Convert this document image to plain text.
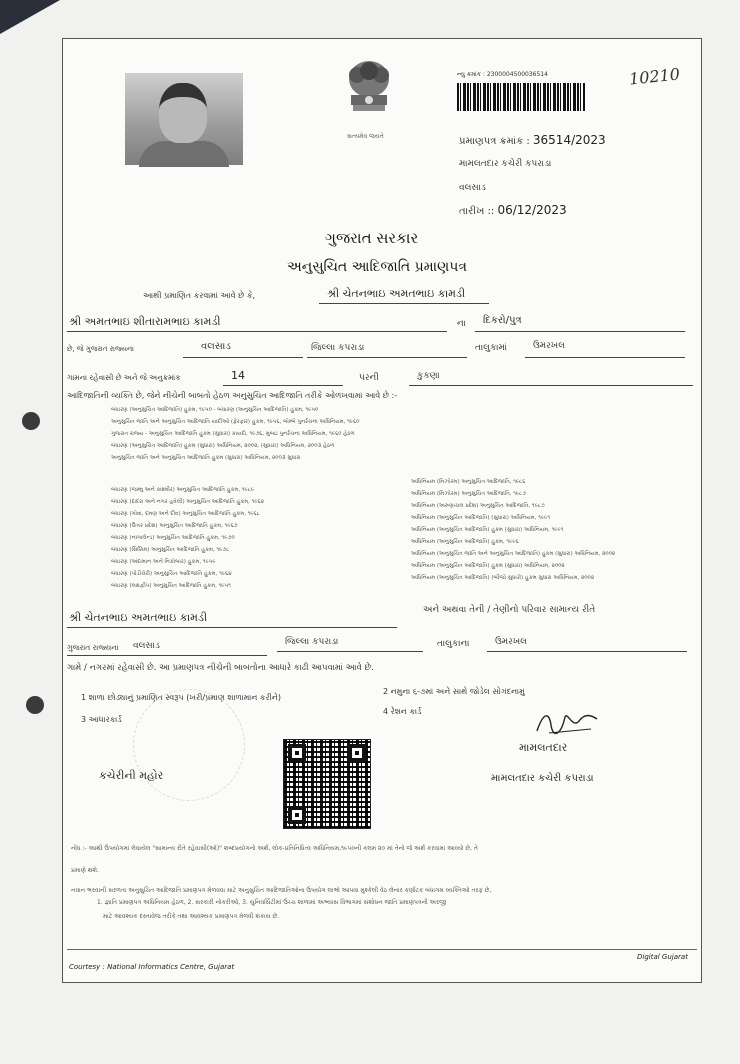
સત્યમેવ જયતે
ન્યુ ક્રમાંક : 2300004500036514	10210
પ્રમાણપત્ર ક્રમાંક : 36514/2023
મામલતદાર કચેરી કપરાડા
વલસાડ
તારીખ :: 06/12/2023
ગુજરાત સરકાર
અનુસુચિત આદિજાતિ પ્રમાણપત્ર
આથી પ્રમાણિત કરવામાં આવે છે કે,	શ્રી ચેતનભાઇ અમતભાઇ કામડી
શ્રી અમતભાઇ શીતારામભાઇ કામડી	ના દિકરો/પુત્ર
છે, જે ગુજરાત રાજ્યના	વલસાડ	જિલ્લા કપરાડા	તાલુકામાં	ઉમરખલ
ગામના રહેવાસી છે અને જે અનુક્રમાંક	14	પરની	કુકણા
આદિજાતિની વ્યક્તિ છે, જેને નીચેની બાબતો હેઠળ અનુસુચિત આદિજાતિ તરીકે ઓળખવામાં આવે છે :-
બંધારણ (અનુસુચિત આદિજાતિ) હુકમ, ૧૯૫૦ - બંધારણ (અનુસુચિત આદિજાતિ) હુકમ, ૧૯૫૦
અનુસુચિત જાતિ અને અનુસુચિત આદિજાતિ યાદીઓ (ફેરફાર) હુકમ, ૧૯૫૬, બોમ્બે પુનર્રચના અધિનિયમ, ૧૯૬૦
ગુજરાત રાજ્ય - અનુસુચિત આદિજાતિ હુકમ (સુધારા) કાયદો, ૧૯૭૬, મુંબઇ પુનર્રચના અધિનિયમ, ૧૯૬૦ હેઠળ
બંધારણ (અનુસુચિત આદિજાતિ) હુકમ (સુધારા) અધિનિયમ, ૨૦૦૨, (સુધારા) અધિનિયમ, ૨૦૦૩ હેઠળ
અનુસુચિત જાતિ અને અનુસુચિત આદિજાતિ હુકમ (સુધારા) અધિનિયમ, ૨૦૦૩ સુધારા
બંધારણ (જમ્મુ અને કાશ્મીર) અનુસુચિત આદિજાતિ હુકમ, ૧૯૮૯
બંધારણ (દાદરા અને નગર હવેલી) અનુસુચિત આદિજાતિ હુકમ, ૧૯૬૨
બંધારણ (ગોવા, દમણ અને દીવ) અનુસુચિત આદિજાતિ હુકમ, ૧૯૬૮
બંધારણ (ઉત્તર પ્રદેશ) અનુસુચિત આદિજાતિ હુકમ, ૧૯૬૭
બંધારણ (નાગાલેન્ડ) અનુસુચિત આદિજાતિ હુકમ, ૧૯૭૦
બંધારણ (સિક્કિમ) અનુસુચિત આદિજાતિ હુકમ, ૧૯૭૮
બંધારણ (અંદામાન અને નિકોબાર) હુકમ, ૧૯૫૯
બંધારણ (પોંડીચેરી) અનુસુચિત આદિજાતિ હુકમ, ૧૯૬૪
બંધારણ (લક્ષદ્વીપ) અનુસુચિત આદિજાતિ હુકમ, ૧૯૫૧
અધિનિયમ (મિઝોરમ) અનુસુચિત આદિજાતિ, ૧૯૮૬
અધિનિયમ (મિઝોરમ) અનુસુચિત આદિજાતિ, ૧૯૮૭
અધિનિયમ (અરુણાચલ પ્રદેશ) અનુસુચિત આદિજાતિ, ૧૯૮૭
અધિનિયમ (અનુસુચિત આદિજાતિ) (સુધારા) અધિનિયમ, ૧૯૯૧
અધિનિયમ (અનુસુચિત આદિજાતિ) હુકમ (સુધારા) અધિનિયમ, ૧૯૯૧
અધિનિયમ (અનુસુચિત આદિજાતિ) હુકમ, ૧૯૯૬
અધિનિયમ (અનુસુચિત જાતિ અને અનુસુચિત આદિજાતિ) હુકમ (સુધારા) અધિનિયમ, ૨૦૦૨
અધિનિયમ (અનુસુચિત આદિજાતિ) હુકમ (સુધારા) અધિનિયમ, ૨૦૦૨
અધિનિયમ (અનુસુચિત આદિજાતિ) (બીજો સુધારો) હુકમ સુધારા અધિનિયમ, ૨૦૦૨
શ્રી ચેતનભાઇ અમતભાઇ કામડી
અને અથવા તેની / તેણીનો પરિવાર સામાન્ય રીતે
ગુજરાત રાજ્યના વલસાડ	જિલ્લા કપરાડા	તાલુકાના	ઉમરખલ
ગામે / નગરમાં રહેવાસી છે. આ પ્રમાણપત્ર નીચેની બાબતોના આધારે કાઢી આપવામાં આવે છે.
1 શાળા છોડ્યાનું પ્રમાણિત સ્વરૂપ (ખરી/પ્રમાણ શાળામાન કરીને)
2 નમુના ૬-૭માં અને સાથે જોડેલ સોગંદનામું
3 આધારકાર્ડ
4 રેશન કાર્ડ
કચેરીની મહોર
મામલતદાર
મામલતદાર કચેરી કપરાડા
નોંધ :- આથી ઉપયોગમાં લેવાયેલ "સામાન્ય રીતે રહેવાસી(ઓ)" શબ્દપ્રયોગનો અર્થ, લોક-પ્રતિનિધિત્વ અધિનિયમ,૧૯૫૦ની કલમ ૨૦ માં તેનો જે અર્થ કરવામાં આવ્યો છે, તે
પ્રમાણે થશે.
નવાન ભરવાની સરળતા અનુસુચિત આદિજાતિ પ્રમાણપત્ર મેળવવા માટે અનુસુચિત આદિજાતિઓના ઉપયોગ લાભો આપવા મુશ્કેલી વેઠ લેનાર કર્ણાટક બંધાગમ વ્યક્તિઓ તરફ છે,
1. જ્ઞાતિ પ્રમાણપત્ર અધિનિયમ હેઠળ, 2. સરકારી નોકરીઓ, 3. યુનિવર્સિટીમાં ઉચ્ચ શાળામાં અભ્યાસ વિભાગમાં સંશોધન જાતિ પ્રમાણપત્રની અરજી
માટે આવશ્યક દસ્તાવેજ તરીકે તથા આવશ્યક પ્રમાણપત્ર મેળવી શકાય છે.
Courtesy : National Informatics Centre, Gujarat
Digital Gujarat
